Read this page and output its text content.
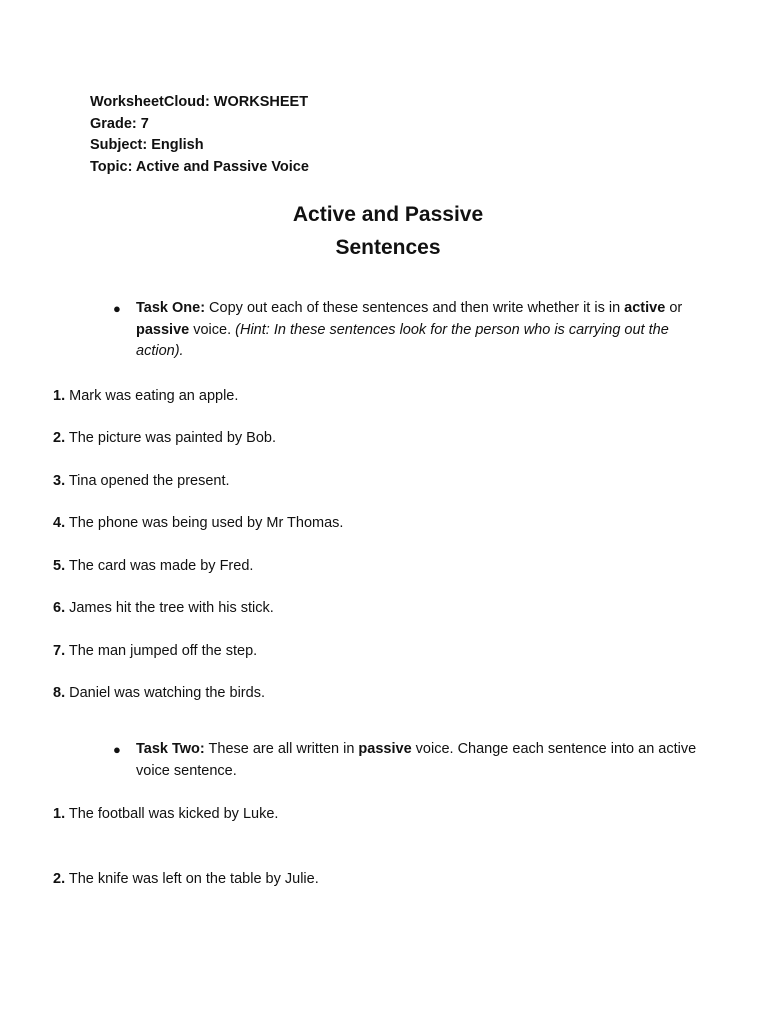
WorksheetCloud: WORKSHEET
Grade: 7
Subject: English
Topic: Active and Passive Voice
Active and Passive
Sentences
● Task One: Copy out each of these sentences and then write whether it is in active or passive voice. (Hint: In these sentences look for the person who is carrying out the action).
1. Mark was eating an apple.
2. The picture was painted by Bob.
3. Tina opened the present.
4. The phone was being used by Mr Thomas.
5. The card was made by Fred.
6. James hit the tree with his stick.
7. The man jumped off the step.
8. Daniel was watching the birds.
● Task Two: These are all written in passive voice. Change each sentence into an active voice sentence.
1. The football was kicked by Luke.
2. The knife was left on the table by Julie.
